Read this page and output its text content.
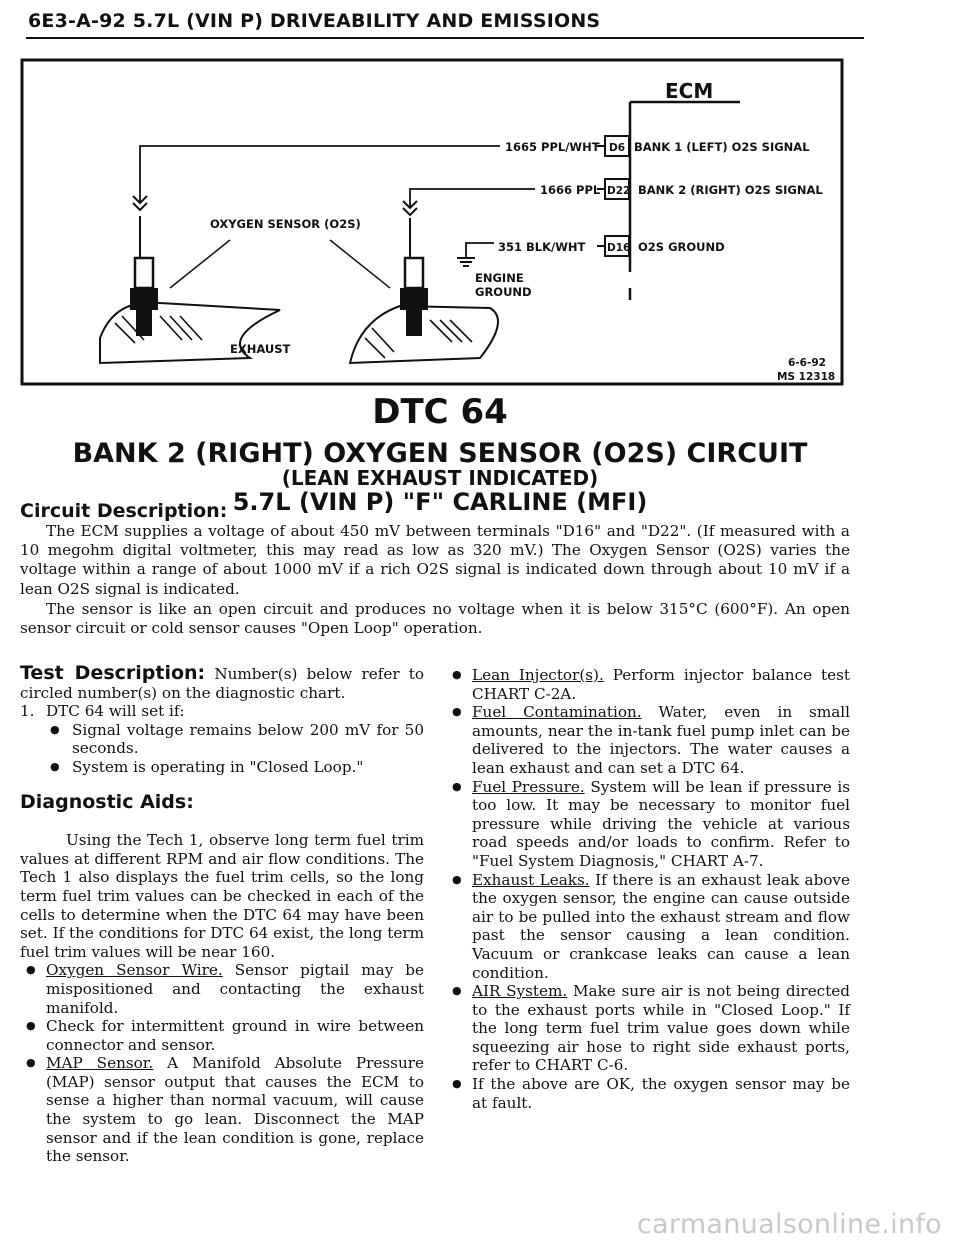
6E3-A-92 5.7L (VIN P) DRIVEABILITY AND EMISSIONS
ECM
D6
D22
D16
BANK 1 (LEFT) O2S SIGNAL
BANK 2 (RIGHT) O2S SIGNAL
O2S GROUND
1665 PPL/WHT
1666 PPL
351 BLK/WHT
ENGINE
GROUND
OXYGEN SENSOR (O2S)
EXHAUST
6-6-92
MS 12318
DTC 64
BANK 2 (RIGHT) OXYGEN SENSOR (O2S) CIRCUIT
(LEAN EXHAUST INDICATED)
5.7L (VIN P) "F" CARLINE (MFI)
Circuit Description:

The ECM supplies a voltage of about 450 mV between terminals "D16" and "D22". (If measured with a 10 megohm digital voltmeter, this may read as low as 320 mV.) The Oxygen Sensor (O2S) varies the voltage within a range of about 1000 mV if a rich O2S signal is indicated down through about 10 mV if a lean O2S signal is indicated.

The sensor is like an open circuit and produces no voltage when it is below 315°C (600°F). An open sensor circuit or cold sensor causes "Open Loop" operation.

Test Description: Number(s) below refer to circled number(s) on the diagnostic chart.

1. DTC 64 will set if:

● Signal voltage remains below 200 mV for 50 seconds.

● System is operating in "Closed Loop."

Diagnostic Aids:

Using the Tech 1, observe long term fuel trim values at different RPM and air flow conditions. The Tech 1 also displays the fuel trim cells, so the long term fuel trim values can be checked in each of the cells to determine when the DTC 64 may have been set. If the conditions for DTC 64 exist, the long term fuel trim values will be near 160.

● Oxygen Sensor Wire. Sensor pigtail may be mispositioned and contacting the exhaust manifold.

● Check for intermittent ground in wire between connector and sensor.

● MAP Sensor. A Manifold Absolute Pressure (MAP) sensor output that causes the ECM to sense a higher than normal vacuum, will cause the system to go lean. Disconnect the MAP sensor and if the lean condition is gone, replace the sensor.

● Lean Injector(s). Perform injector balance test CHART C-2A.

● Fuel Contamination. Water, even in small amounts, near the in-tank fuel pump inlet can be delivered to the injectors. The water causes a lean exhaust and can set a DTC 64.

● Fuel Pressure. System will be lean if pressure is too low. It may be necessary to monitor fuel pressure while driving the vehicle at various road speeds and/or loads to confirm. Refer to "Fuel System Diagnosis," CHART A-7.

● Exhaust Leaks. If there is an exhaust leak above the oxygen sensor, the engine can cause outside air to be pulled into the exhaust stream and flow past the sensor causing a lean condition. Vacuum or crankcase leaks can cause a lean condition.

● AIR System. Make sure air is not being directed to the exhaust ports while in "Closed Loop." If the long term fuel trim value goes down while squeezing air hose to right side exhaust ports, refer to CHART C-6.

● If the above are OK, the oxygen sensor may be at fault.

carmanualsonline.info
